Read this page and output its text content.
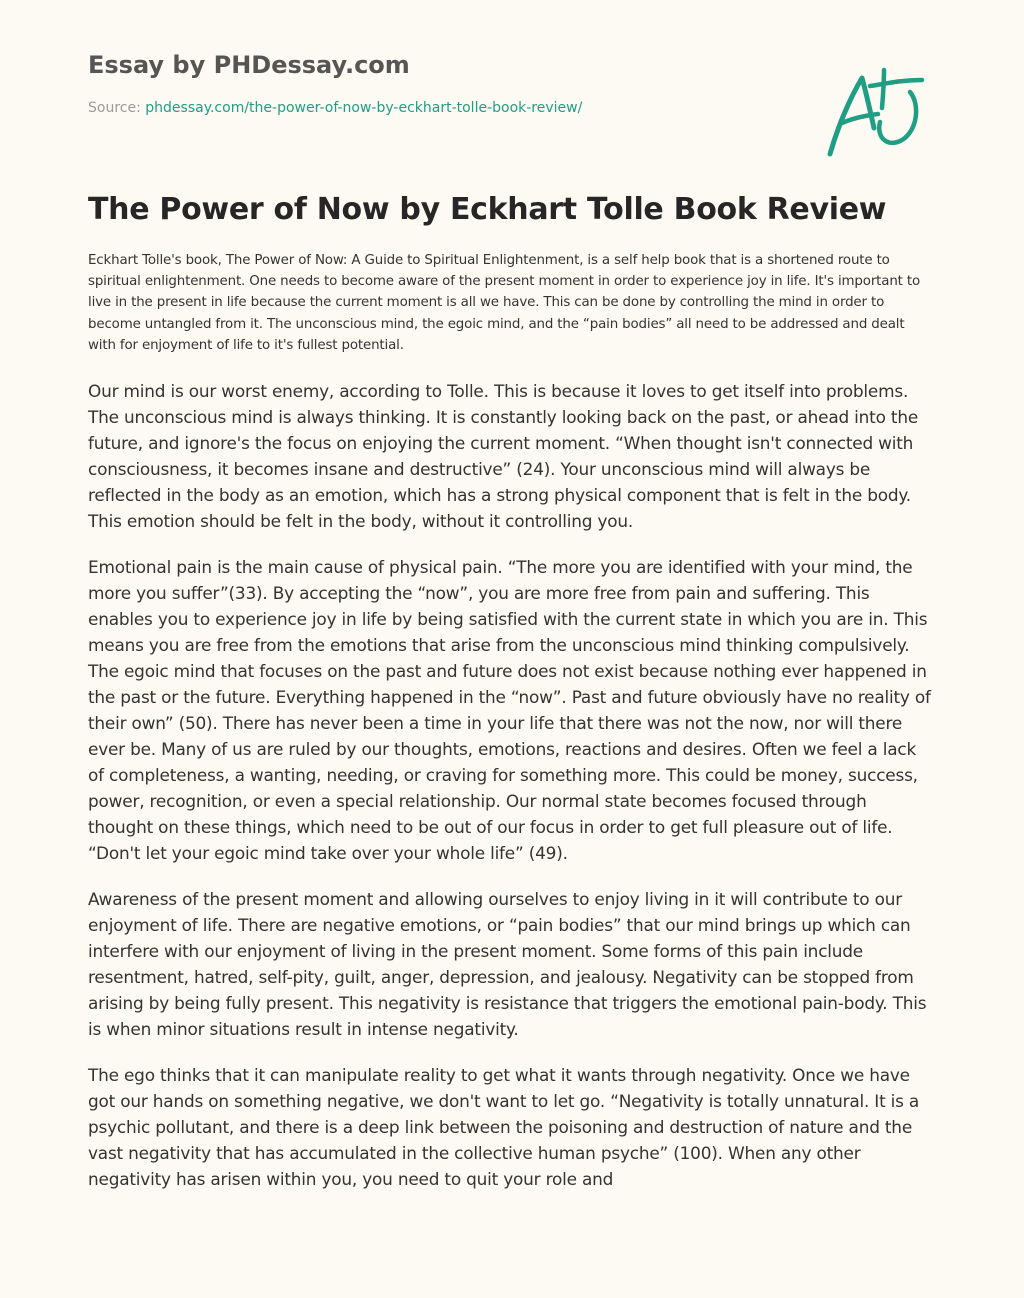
Essay by PHDessay.com
Source: phdessay.com/the-power-of-now-by-eckhart-tolle-book-review/
The Power of Now by Eckhart Tolle Book Review

Eckhart Tolle's book, The Power of Now: A Guide to Spiritual Enlightenment, is a self help book that is a shortened route to spiritual enlightenment. One needs to become aware of the present moment in order to experience joy in life. It's important to live in the present in life because the current moment is all we have. This can be done by controlling the mind in order to become untangled from it. The unconscious mind, the egoic mind, and the “pain bodies” all need to be addressed and dealt with for enjoyment of life to it's fullest potential.

Our mind is our worst enemy, according to Tolle. This is because it loves to get itself into problems. The unconscious mind is always thinking. It is constantly looking back on the past, or ahead into the future, and ignore's the focus on enjoying the current moment. “When thought isn't connected with consciousness, it becomes insane and destructive” (24). Your unconscious mind will always be reflected in the body as an emotion, which has a strong physical component that is felt in the body. This emotion should be felt in the body, without it controlling you.

Emotional pain is the main cause of physical pain. “The more you are identified with your mind, the more you suffer”(33). By accepting the “now”, you are more free from pain and suffering. This enables you to experience joy in life by being satisfied with the current state in which you are in. This means you are free from the emotions that arise from the unconscious mind thinking compulsively. The egoic mind that focuses on the past and future does not exist because nothing ever happened in the past or the future. Everything happened in the “now”. Past and future obviously have no reality of their own” (50). There has never been a time in your life that there was not the now, nor will there ever be. Many of us are ruled by our thoughts, emotions, reactions and desires. Often we feel a lack of completeness, a wanting, needing, or craving for something more. This could be money, success, power, recognition, or even a special relationship. Our normal state becomes focused through thought on these things, which need to be out of our focus in order to get full pleasure out of life. “Don't let your egoic mind take over your whole life” (49).

Awareness of the present moment and allowing ourselves to enjoy living in it will contribute to our enjoyment of life. There are negative emotions, or “pain bodies” that our mind brings up which can interfere with our enjoyment of living in the present moment. Some forms of this pain include resentment, hatred, self-pity, guilt, anger, depression, and jealousy. Negativity can be stopped from arising by being fully present. This negativity is resistance that triggers the emotional pain-body. This is when minor situations result in intense negativity.

The ego thinks that it can manipulate reality to get what it wants through negativity. Once we have got our hands on something negative, we don't want to let go. “Negativity is totally unnatural. It is a psychic pollutant, and there is a deep link between the poisoning and destruction of nature and the vast negativity that has accumulated in the collective human psyche” (100). When any other negativity has arisen within you, you need to quit your role and
